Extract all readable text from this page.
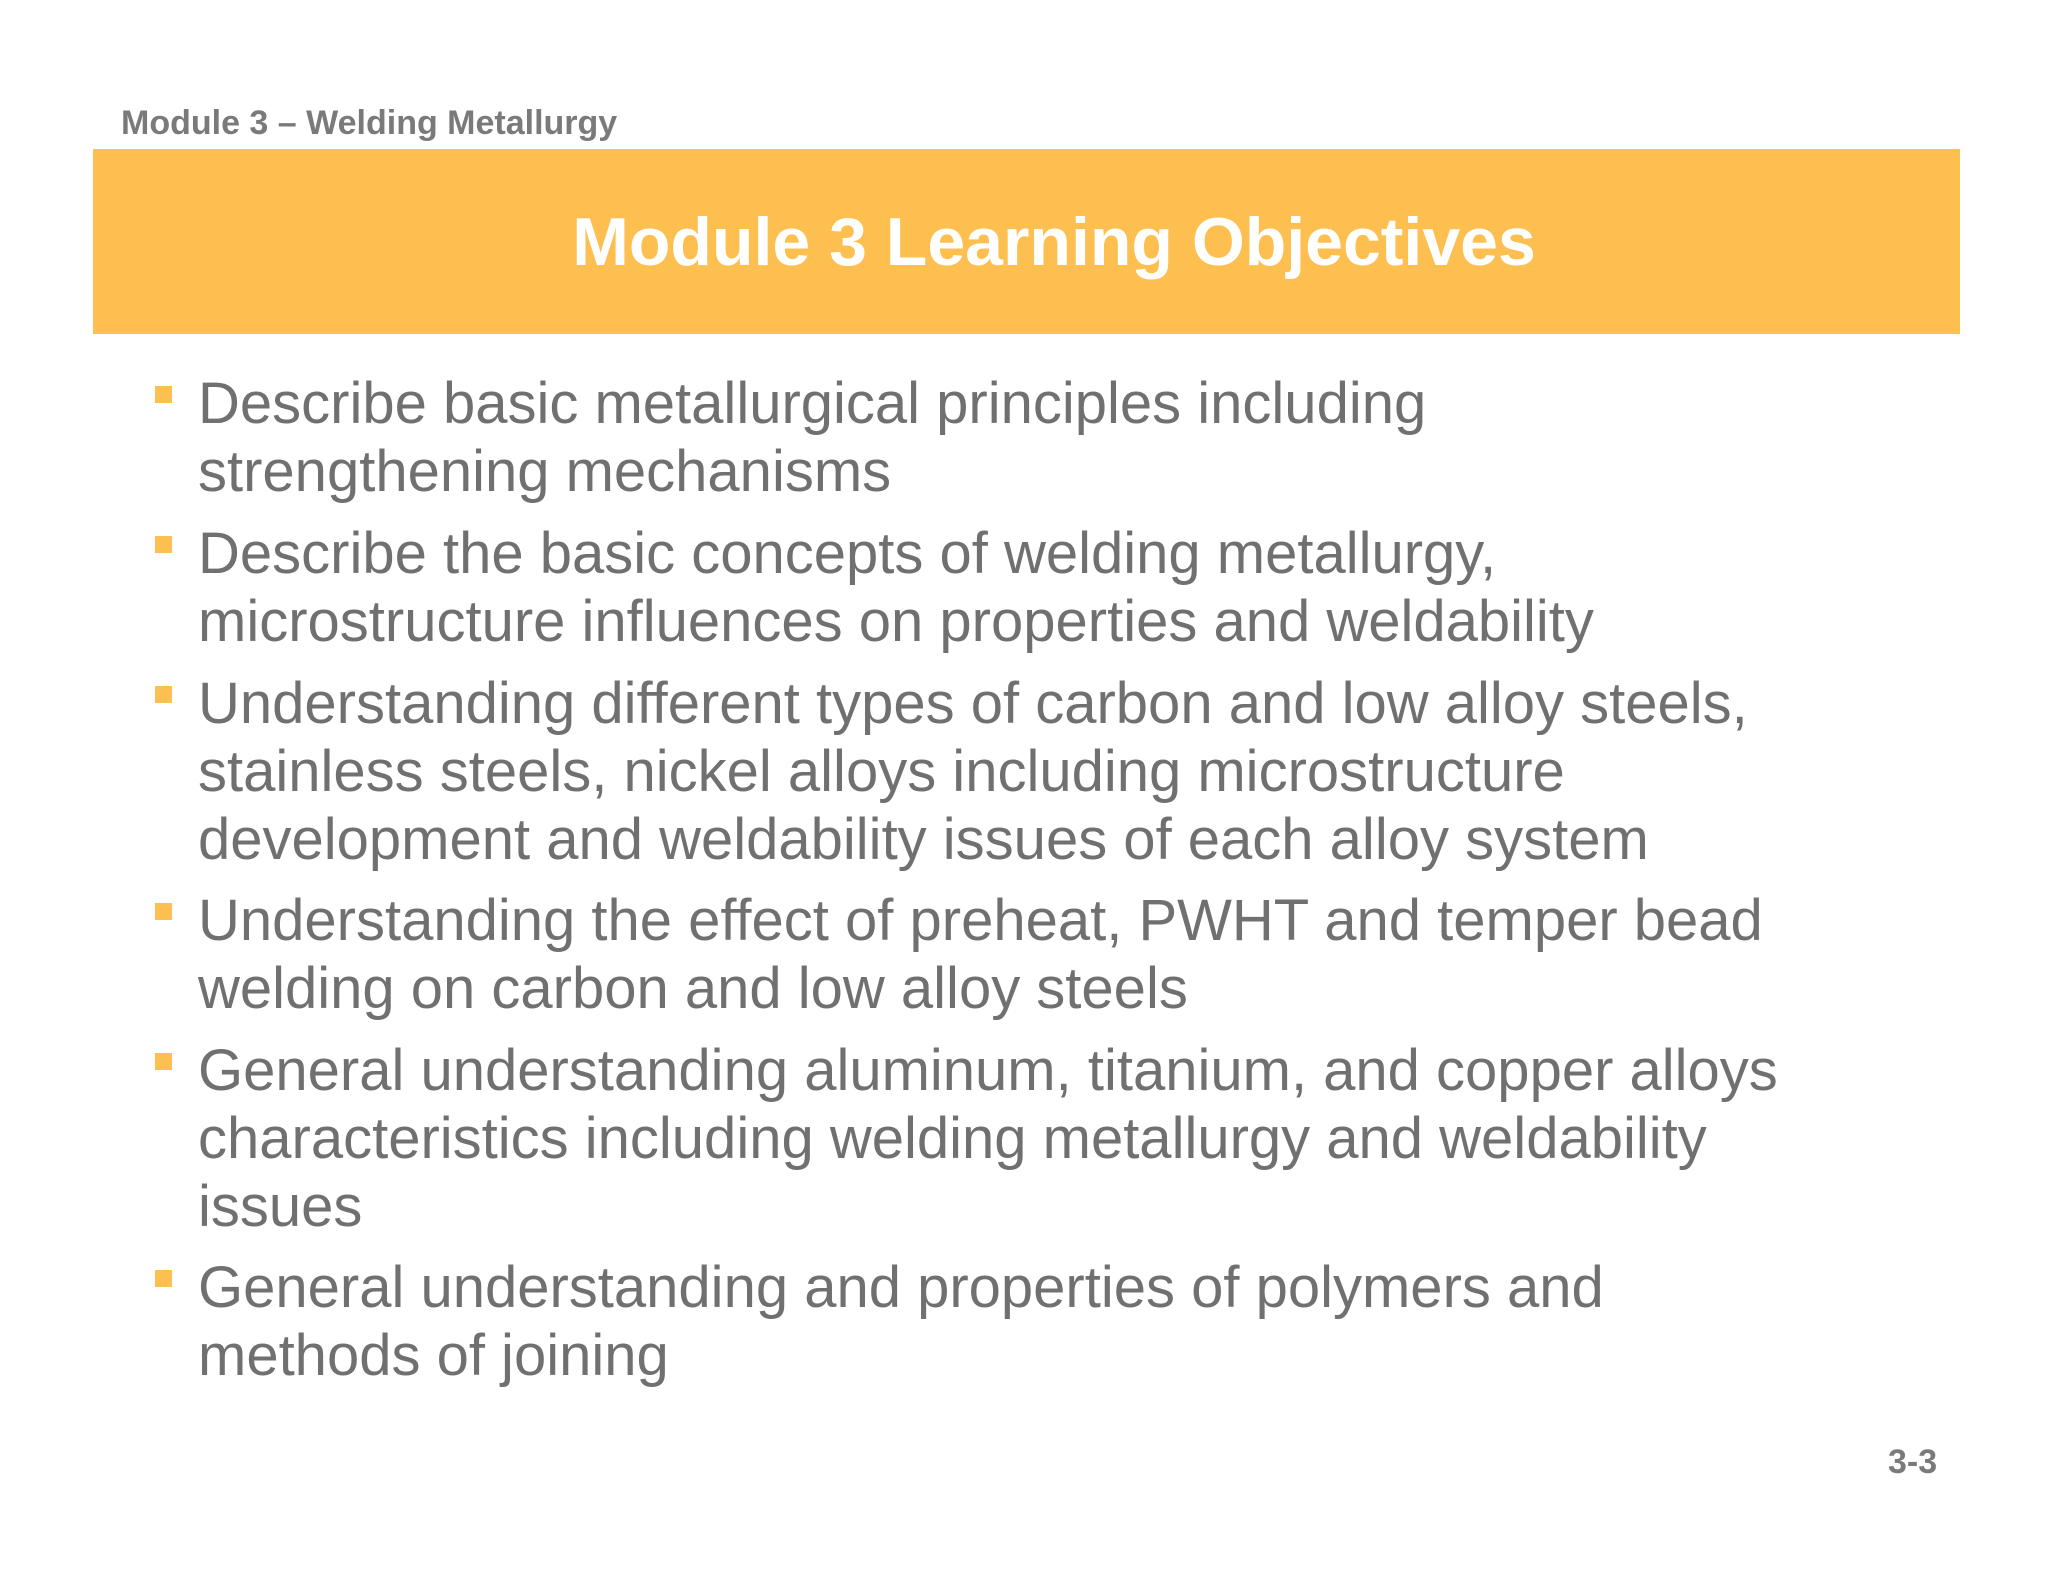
Module 3 – Welding Metallurgy
Module 3 Learning Objectives

Describe basic metallurgical principles including
strengthening mechanisms

Describe the basic concepts of welding metallurgy,
microstructure influences on properties and weldability

Understanding different types of carbon and low alloy steels,
stainless steels, nickel alloys including microstructure
development and weldability issues of each alloy system

Understanding the effect of preheat, PWHT and temper bead
welding on carbon and low alloy steels

General understanding aluminum, titanium, and copper alloys
characteristics including welding metallurgy and weldability
issues

General understanding and properties of polymers and
methods of joining

3-3
